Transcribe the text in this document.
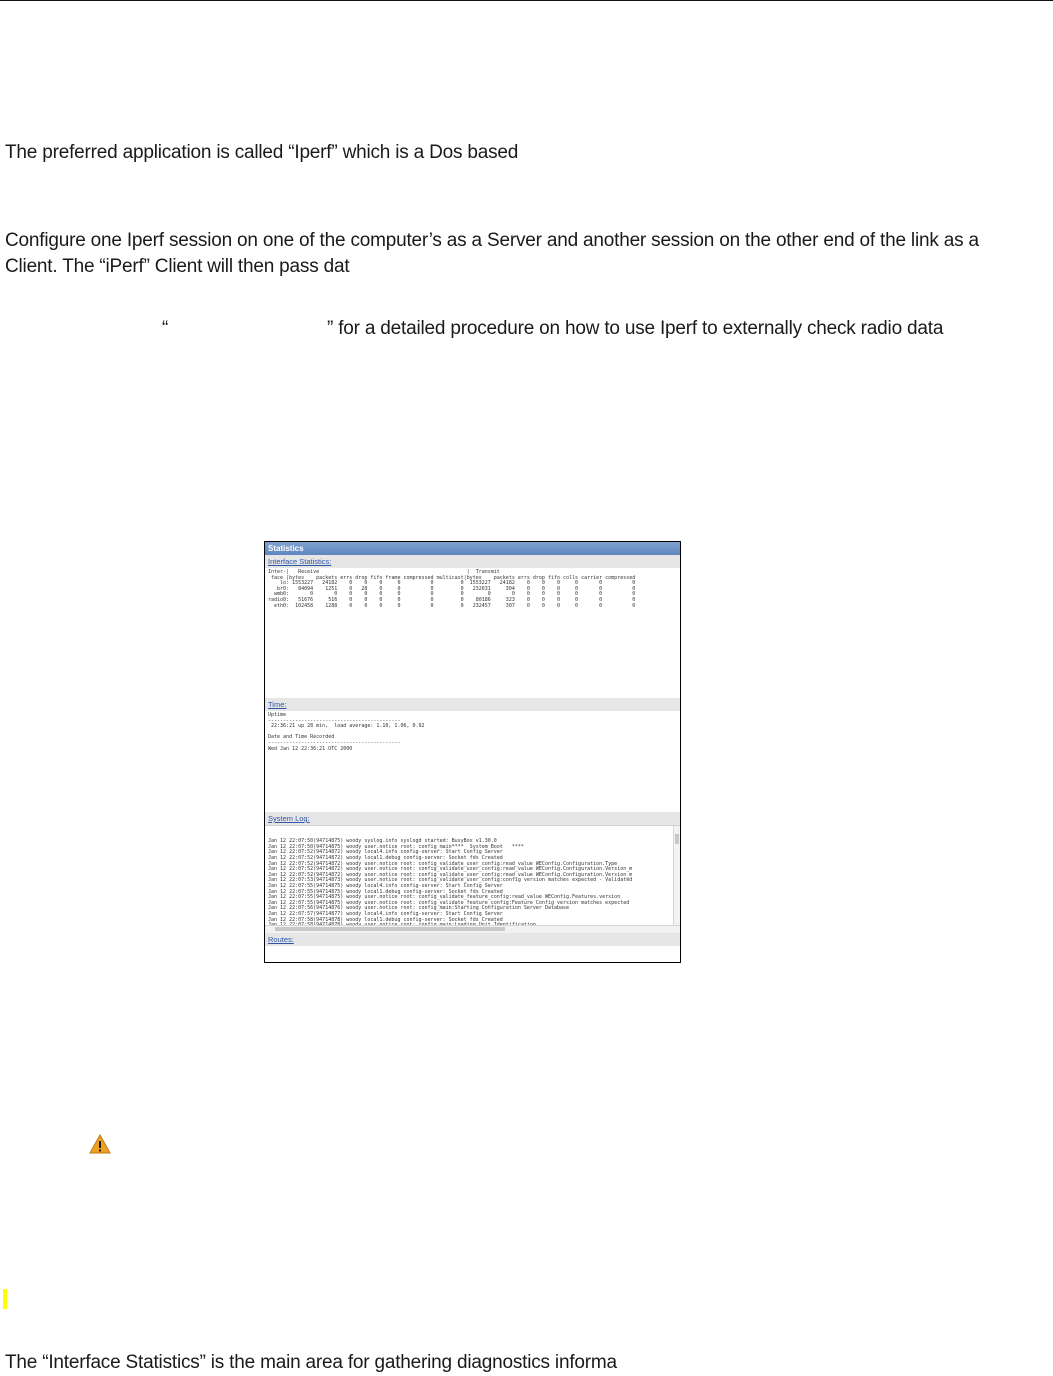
The preferred application is called “Iperf” which is a Dos based
Configure one Iperf session on one of the computer’s as a Server and another session on the other end of the link as a
Client. The “iPerf” Client will then pass dat
“	” for a detailed procedure on how to use Iperf to externally check radio data
Statistics
Interface Statistics:
Inter-|   Receive                                                 |  Transmit
face |bytes    packets errs drop fifo frame compressed multicast|bytes    packets errs drop fifo colls carrier compressed
lo: 1553227   24182    0    0    0     0          0         0  1553227   24182    0    0    0     0       0          0
br0:   84094    1251    0   28    0     0          0         0   232631     304    0    0    0     0       0          0
wmb0:       0       0    0    0    0     0          0         0        0       0    0    0    0     0       0          0
radio0:   51676     516    0    0    0     0          0         0    80186     323    0    0    0     0       0          0
eth0:  102458    1288    0    0    0     0          0         0   232457     307    0    0    0     0       0          0
Time:
Uptime
--------------------------------------------
22:36:21 up 28 min,  load average: 1.10, 1.06, 0.92

Date and Time Recorded
--------------------------------------------
Wed Jan 12 22:36:21 UTC 2000
System Log:

Jan 12 22:07:50(94714875) woody syslog.info syslogd started: BusyBox v1.30.0
Jan 12 22:07:50(94714875) woody user.notice root: config_main****  System Boot   ****
Jan 12 22:07:52(94714872) woody local4.info config-server: Start Config Server
Jan 12 22:07:52(94714872) woody local1.debug config-server: Socket fds Created
Jan 12 22:07:52(94714872) woody user.notice root: config_validate_user_config:read_value WEConfig.Configuration.Type
Jan 12 22:07:52(94714872) woody user.notice root: config_validate_user_config:read_value WEConfig.Configuration.Version_m
Jan 12 22:07:52(94714872) woody user.notice root: config_validate_user_config:read_value WEConfig.Configuration.Version_m
Jan 12 22:07:53(94714873) woody user.notice root: config_validate_user_config:config version matches expected - Validated
Jan 12 22:07:55(94714875) woody local4.info config-server: Start Config Server
Jan 12 22:07:55(94714875) woody local1.debug config-server: Socket fds Created
Jan 12 22:07:55(94714875) woody user.notice root: config_validate_feature_config:read_value WEConfig.Features.version
Jan 12 22:07:55(94714875) woody user.notice root: config_validate_feature_config:Feature Config version matches expected
Jan 12 22:07:56(94714876) woody user.notice root: config_main:Starting Configuration Server Database
Jan 12 22:07:57(94714877) woody local4.info config-server: Start Config Server
Jan 12 22:07:58(94714878) woody local1.debug config-server: Socket fds Created

Routes:
The “Interface Statistics” is the main area for gathering diagnostics informa
